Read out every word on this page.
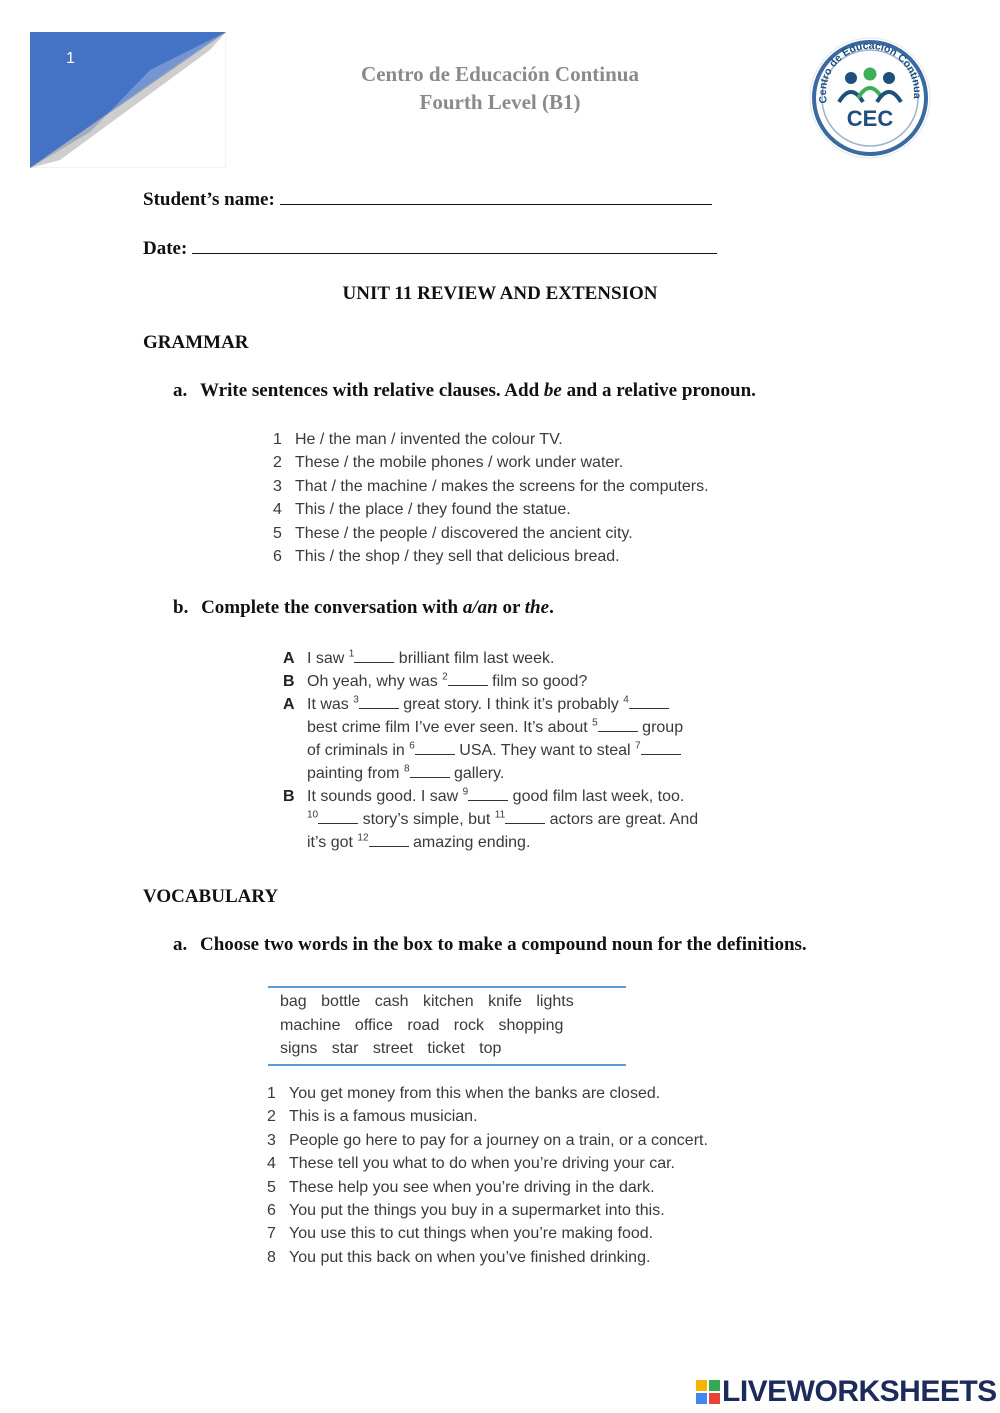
1
Centro de Educación Continua
Fourth Level (B1)	Centro de Educación Continua
CEC
Student’s name:
Date:
UNIT 11 REVIEW AND EXTENSION
GRAMMAR
a. Write sentences with relative clauses. Add be and a relative pronoun.
1 He / the man / invented the colour TV.
2 These / the mobile phones / work under water.
3 That / the machine / makes the screens for the computers.
4 This / the place / they found the statue.
5 These / the people / discovered the ancient city.
6 This / the shop / they sell that delicious bread.
b. Complete the conversation with a/an or the.
A I saw $^1$	brilliant film last week.
B Oh yeah, why was $^2$	film so good?
A It was $^3$	great story. I think it’s probably $^4$
best crime film I’ve ever seen. It’s about $^5$	group
of criminals in $^6$	USA. They want to steal $^7$
painting from $^8$	gallery.
B It sounds good. I saw $^9$	good film last week, too.
$^{10}$	story’s simple, but $^{11}$	actors are great. And
it’s got $^{12}$	amazing ending.
VOCABULARY
a. Choose two words in the box to make a compound noun for the definitions.
bag bottle cash kitchen knife lights
machine office road rock shopping
signs star street ticket top
1 You get money from this when the banks are closed.
2 This is a famous musician.
3 People go here to pay for a journey on a train, or a concert.
4 These tell you what to do when you’re driving your car.
5 These help you see when you’re driving in the dark.
6 You put the things you buy in a supermarket into this.
7 You use this to cut things when you’re making food.
8 You put this back on when you’ve finished drinking.
LIVEWORKSHEETS
